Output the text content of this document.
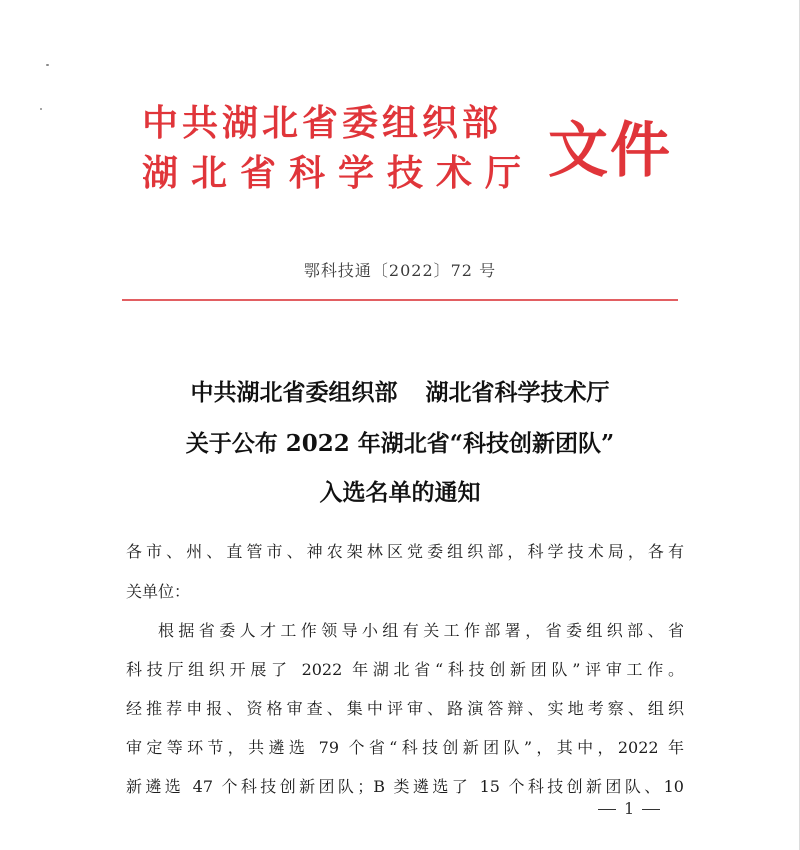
中共湖北省委组织部
湖北省科学技术厅 文件
鄂科技通〔2022〕72 号
中共湖北省委组织部 湖北省科学技术厅
关于公布 2022 年湖北省“科技创新团队”
入选名单的通知
各市、州、直管市、神农架林区党委组织部，科学技术局，各有
关单位：
根据省委人才工作领导小组有关工作部署，省委组织部、省
科技厅组织开展了 2022 年湖北省“科技创新团队”评审工作。
经推荐申报、资格审查、集中评审、路演答辩、实地考察、组织
审定等环节，共遴选 79 个省“科技创新团队”，其中，2022 年
新遴选 47 个科技创新团队；B 类遴选了 15 个科技创新团队、10
1
